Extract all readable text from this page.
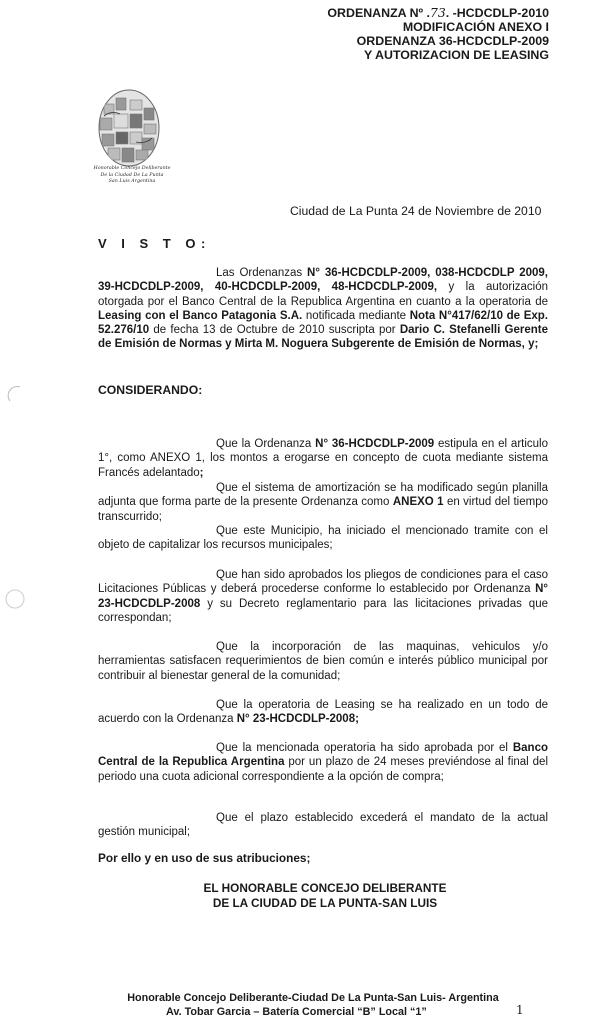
ORDENANZA Nº .73. -HCDCDLP-2010
MODIFICACIÓN ANEXO I
ORDENANZA 36-HCDCDLP-2009
Y AUTORIZACION DE LEASING
Honorable Concejo Deliberante
De la Ciudad De La Punta
San Luis Argentina
Ciudad de La Punta 24 de Noviembre de 2010
V I S T O:
Las Ordenanzas N° 36-HCDCDLP-2009, 038-HCDCDLP 2009, 39-HCDCDLP-2009, 40-HCDCDLP-2009, 48-HCDCDLP-2009, y la autorización otorgada por el Banco Central de la Republica Argentina en cuanto a la operatoria de Leasing con el Banco Patagonia S.A. notificada mediante Nota N°417/62/10 de Exp. 52.276/10 de fecha 13 de Octubre de 2010 suscripta por Dario C. Stefanelli Gerente de Emisión de Normas y Mirta M. Noguera Subgerente de Emisión de Normas, y;
CONSIDERANDO:
Que la Ordenanza N° 36-HCDCDLP-2009 estipula en el articulo 1°, como ANEXO 1, los montos a erogarse en concepto de cuota mediante sistema Francés adelantado;
Que el sistema de amortización se ha modificado según planilla adjunta que forma parte de la presente Ordenanza como ANEXO 1 en virtud del tiempo transcurrido;
Que este Municipio, ha iniciado el mencionado tramite con el objeto de capitalizar los recursos municipales;
Que han sido aprobados los pliegos de condiciones para el caso Licitaciones Públicas y deberá procederse conforme lo establecido por Ordenanza N° 23-HCDCDLP-2008 y su Decreto reglamentario para las licitaciones privadas que correspondan;
Que la incorporación de las maquinas, vehiculos y/o herramientas satisfacen requerimientos de bien común e interés público municipal por contribuir al bienestar general de la comunidad;
Que la operatoria de Leasing se ha realizado en un todo de acuerdo con la Ordenanza N° 23-HCDCDLP-2008;
Que la mencionada operatoria ha sido aprobada por el Banco Central de la Republica Argentina por un plazo de 24 meses previéndose al final del periodo una cuota adicional correspondiente a la opción de compra;
Que el plazo establecido excederá el mandato de la actual gestión municipal;
Por ello y en uso de sus atribuciones;
EL HONORABLE CONCEJO DELIBERANTE
DE LA CIUDAD DE LA PUNTA-SAN LUIS
Honorable Concejo Deliberante-Ciudad De La Punta-San Luis- Argentina
Av. Tobar Garcia – Batería Comercial “B” Local “1”	1
